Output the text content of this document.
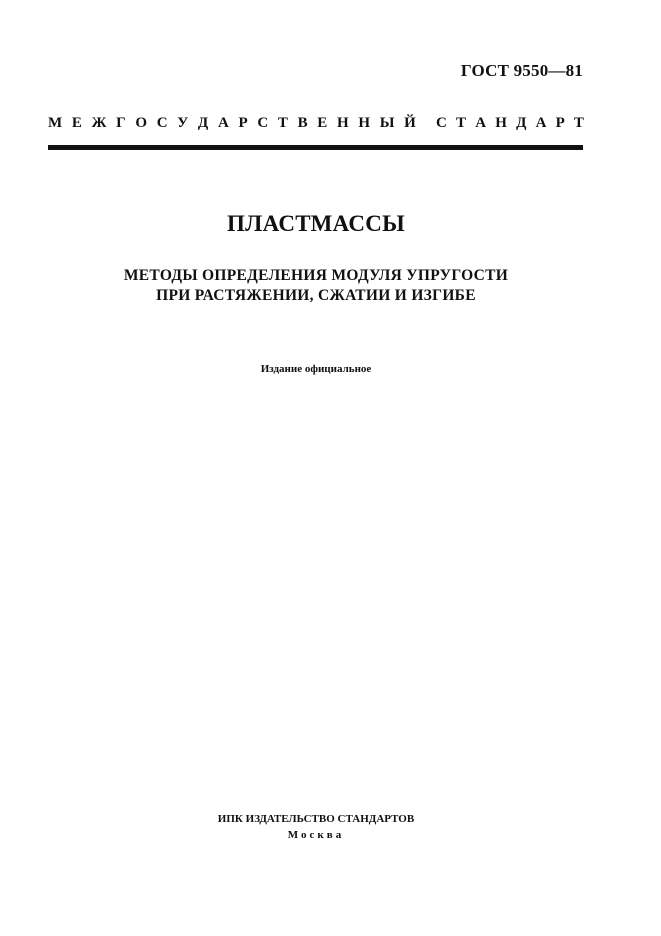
ГОСТ 9550—81
М Е Ж Г О С У Д А Р С Т В Е Н Н Ы Й С Т А Н Д А Р Т
ПЛАСТМАССЫ
МЕТОДЫ ОПРЕДЕЛЕНИЯ МОДУЛЯ УПРУГОСТИ
ПРИ РАСТЯЖЕНИИ, СЖАТИИ И ИЗГИБЕ
Издание официальное
ИПК ИЗДАТЕЛЬСТВО СТАНДАРТОВ
Москва
